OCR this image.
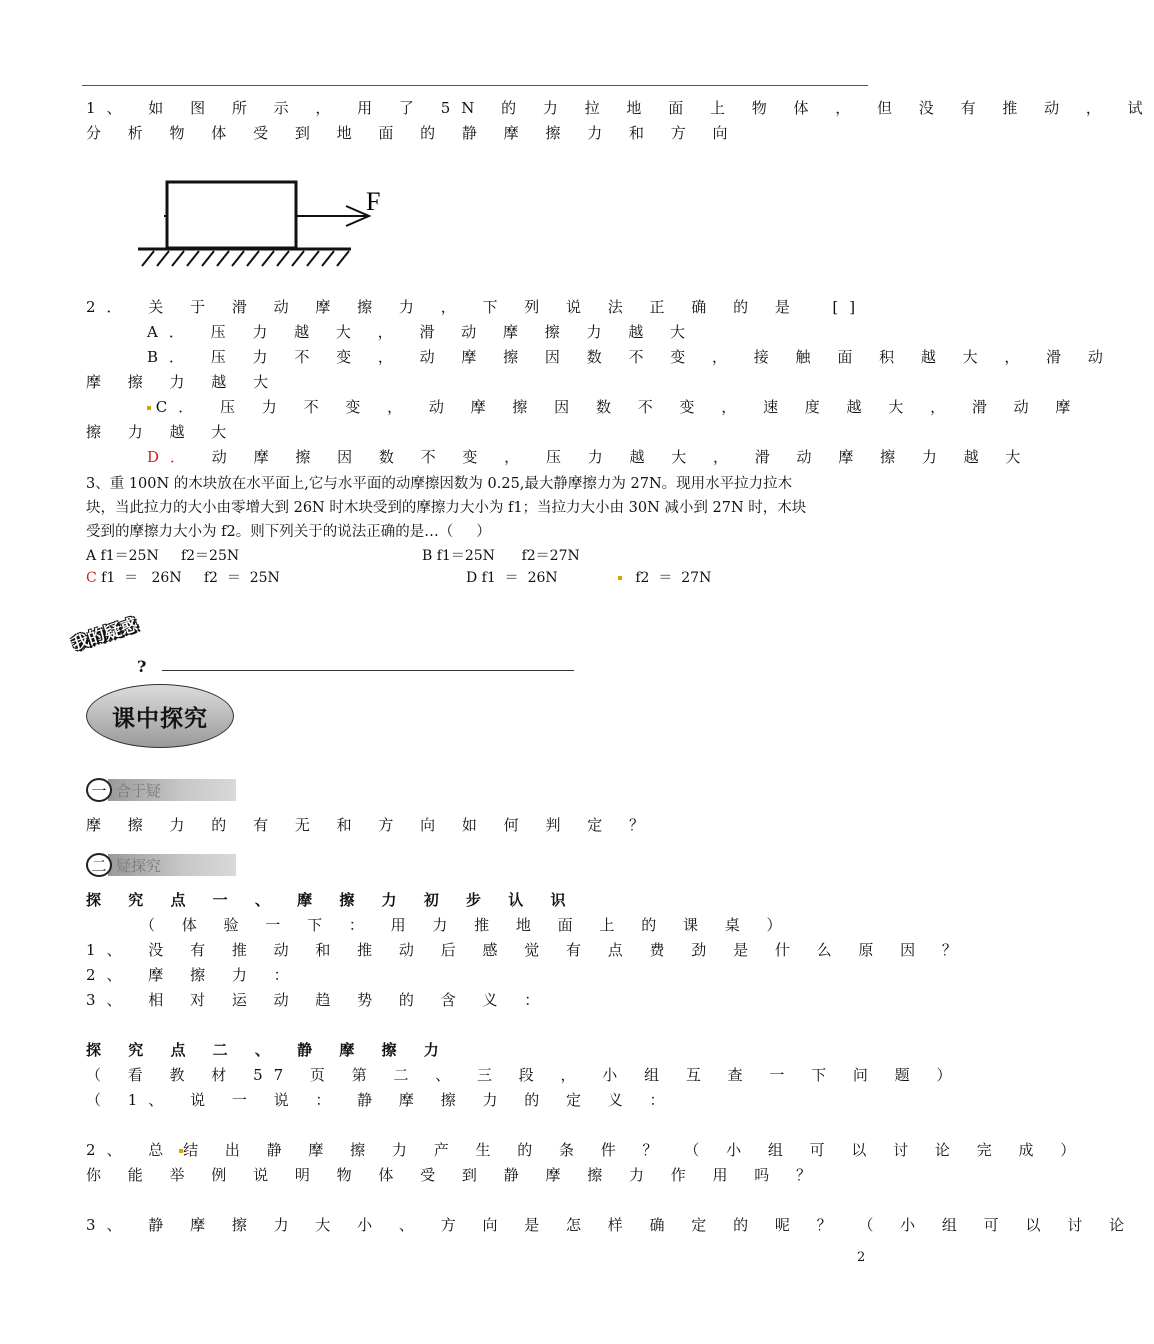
1、 如 图 所 示 ， 用 了 5N 的 力 拉 地 面 上 物 体 ， 但 没 有 推 动 ， 试
分 析 物 体 受 到 地 面 的 静 摩 擦 力 和 方 向
F
2． 关 于 滑 动 摩 擦 力 ， 下 列 说 法 正 确 的 是  []
A． 压 力 越 大 ， 滑 动 摩 擦 力 越 大
B． 压 力 不 变 ， 动 摩 擦 因 数 不 变 ， 接 触 面 积 越 大 ， 滑 动
摩 擦 力 越 大
C． 压 力 不 变 ， 动 摩 擦 因 数 不 变 ， 速 度 越 大 ， 滑 动 摩
擦 力 越 大
D． 动 摩 擦 因 数 不 变 ， 压 力 越 大 ， 滑 动 摩 擦 力 越 大
3、重 100N 的木块放在水平面上,它与水平面的动摩擦因数为 0.25,最大静摩擦力为 27N。现用水平拉力拉木
块，当此拉力的大小由零增大到 26N 时木块受到的摩擦力大小为 f1；当拉力大小由 30N 减小到 27N 时，木块
受到的摩擦力大小为 f2。则下列关于的说法正确的是…（     ）
A f1＝25N     f2＝25N	B f1＝25N      f2＝27N
C f1  ＝   26N     f2  ＝  25N	D f1  ＝  26N	f2  ＝  27N
我的疑惑
?
课中探究
一 合于疑
摩 擦 力 的 有 无 和 方 向 如 何 判 定 ？
二 疑探究
探 究 点 一 、 摩 擦 力 初 步 认 识
（ 体 验 一 下 ： 用 力 推 地 面 上 的 课 桌 ）
1、 没 有 推 动 和 推 动 后 感 觉 有 点 费 劲 是 什 么 原 因 ？
2、 摩 擦 力 ：
3、 相 对 运 动 趋 势 的 含 义 ：
探 究 点 二 、 静 摩 擦 力
（ 看 教 材 57 页 第 二 、 三 段 ， 小 组 互 查 一 下 问 题 ）
（ 1、 说 一 说 ： 静 摩 擦 力 的 定 义 ：
2、 总 结 出 静 摩 擦 力 产 生 的 条 件 ？ （ 小 组 可 以 讨 论 完 成 ）
你 能 举 例 说 明 物 体 受 到 静 摩 擦 力 作 用 吗 ？
3、 静 摩 擦 力 大 小 、 方 向 是 怎 样 确 定 的 呢 ？ （ 小 组 可 以 讨 论
2
